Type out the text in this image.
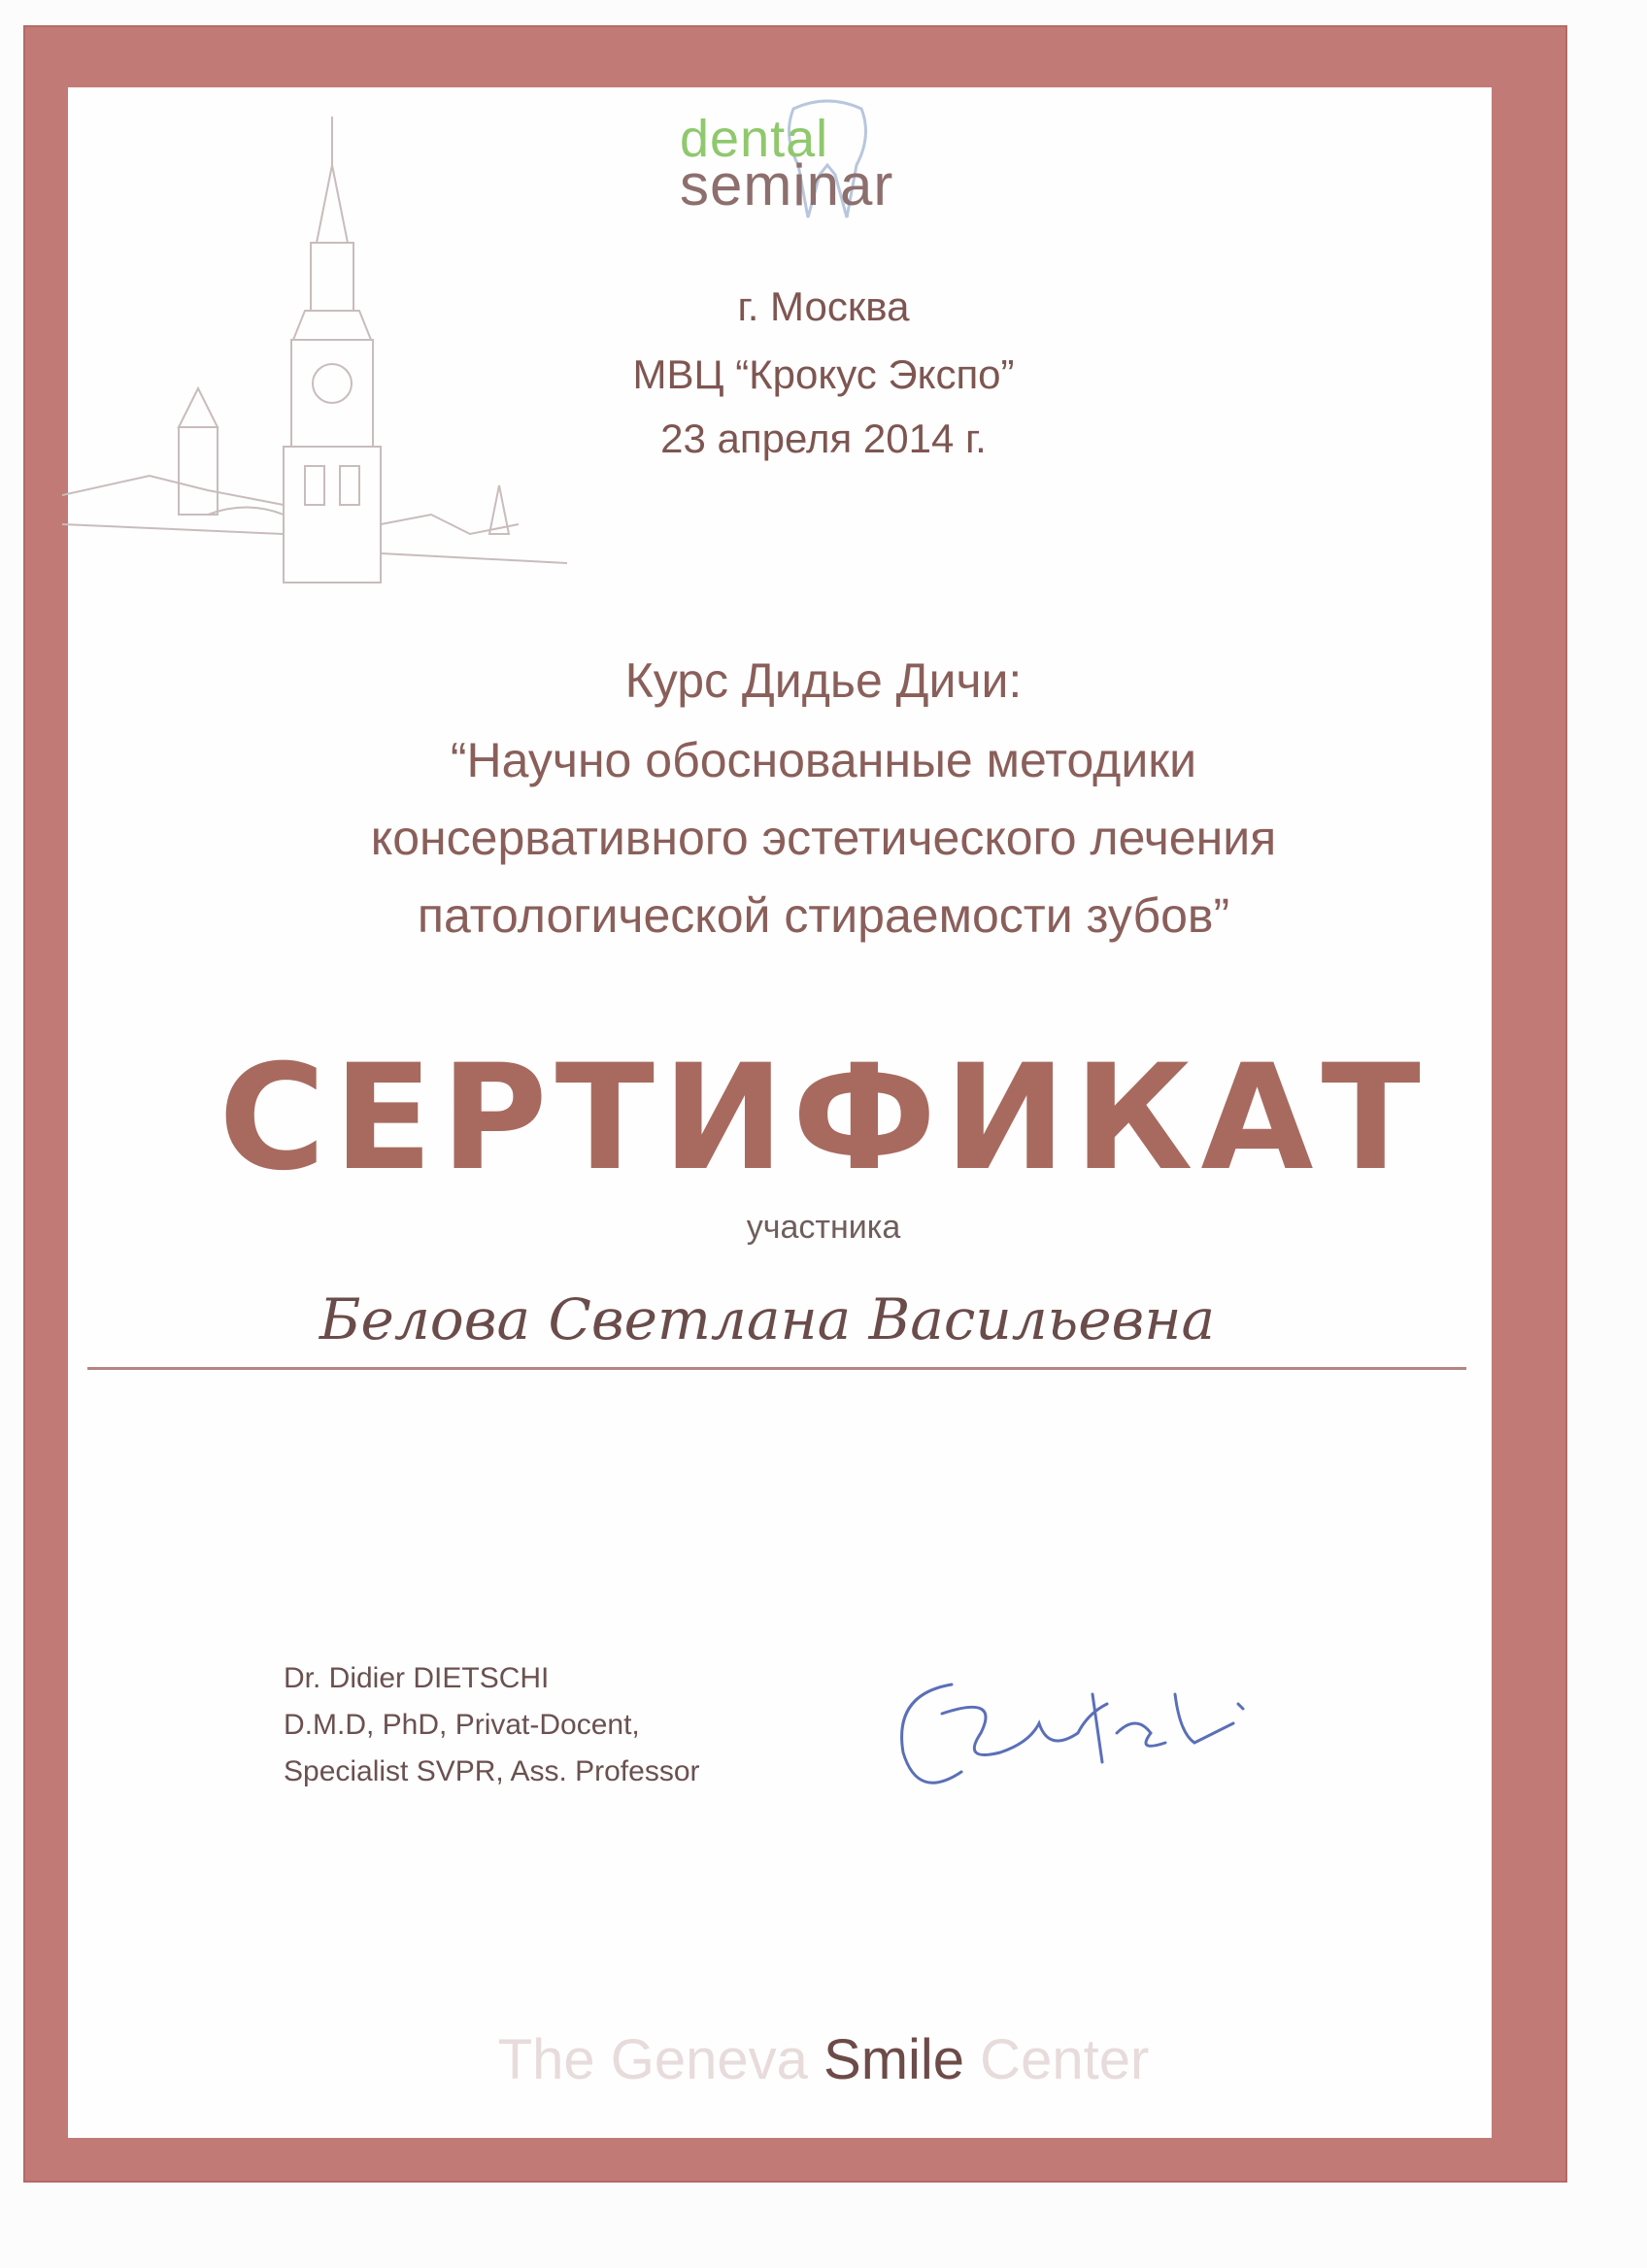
dental
seminar
г. Москва
МВЦ “Крокус Экспо”
23 апреля 2014 г.
Курс Дидье Дичи:
“Научно обоснованные методики
консервативного эстетического лечения
патологической стираемости зубов”
СЕРТИФИКАТ
участника
Белова Светлана Васильевна
Dr. Didier DIETSCHI
D.M.D, PhD, Privat-Docent,
Specialist SVPR, Ass. Professor
The Geneva Smile Center
